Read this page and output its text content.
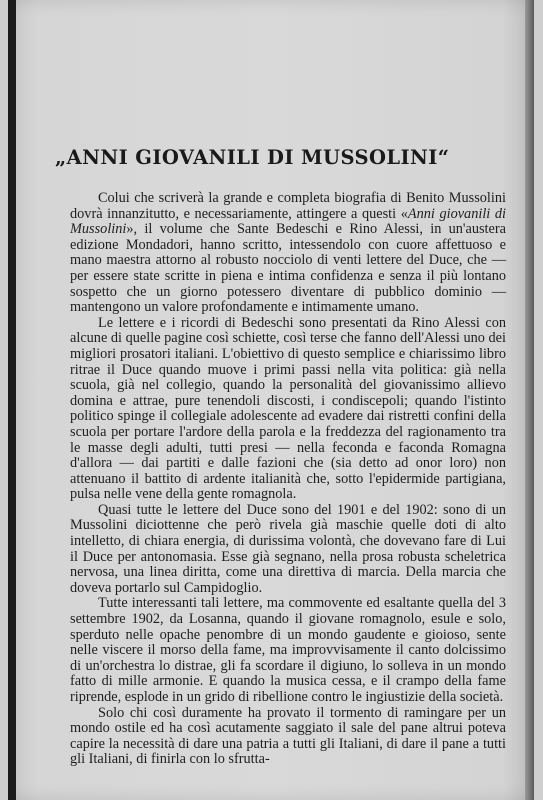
„ANNI GIOVANILI DI MUSSOLINI“

Colui che scriverà la grande e completa biografia di Benito Mussolini dovrà innanzitutto, e necessariamente, attingere a questi «Anni giovanili di Mussolini», il volume che Sante Bedeschi e Rino Alessi, in un'austera edizione Mondadori, hanno scritto, intessendolo con cuore affettuoso e mano maestra attorno al robusto nocciolo di venti lettere del Duce, che — per essere state scritte in piena e intima confidenza e senza il più lontano sospetto che un giorno potessero diventare di pubblico dominio — mantengono un valore profondamente e intimamente umano.

Le lettere e i ricordi di Bedeschi sono presentati da Rino Alessi con alcune di quelle pagine così schiette, così terse che fanno dell'Alessi uno dei migliori prosatori italiani. L'obiettivo di questo semplice e chiarissimo libro ritrae il Duce quando muove i primi passi nella vita politica: già nella scuola, già nel collegio, quando la personalità del giovanissimo allievo domina e attrae, pure tenendoli discosti, i condiscepoli; quando l'istinto politico spinge il collegiale adolescente ad evadere dai ristretti confini della scuola per portare l'ardore della parola e la freddezza del ragionamento tra le masse degli adulti, tutti presi — nella feconda e faconda Romagna d'allora — dai partiti e dalle fazioni che (sia detto ad onor loro) non attenuano il battito di ardente italianità che, sotto l'epidermide partigiana, pulsa nelle vene della gente romagnola.

Quasi tutte le lettere del Duce sono del 1901 e del 1902: sono di un Mussolini diciottenne che però rivela già maschie quelle doti di alto intelletto, di chiara energia, di durissima volontà, che dovevano fare di Lui il Duce per antonomasia. Esse già segnano, nella prosa robusta scheletrica nervosa, una linea diritta, come una direttiva di marcia. Della marcia che doveva portarlo sul Campidoglio.

Tutte interessanti tali lettere, ma commovente ed esaltante quella del 3 settembre 1902, da Losanna, quando il giovane romagnolo, esule e solo, sperduto nelle opache penombre di un mondo gaudente e gioioso, sente nelle viscere il morso della fame, ma improvvisamente il canto dolcissimo di un'orchestra lo distrae, gli fa scordare il digiuno, lo solleva in un mondo fatto di mille armonie. E quando la musica cessa, e il crampo della fame riprende, esplode in un grido di ribellione contro le ingiustizie della società.

Solo chi così duramente ha provato il tormento di ramingare per un mondo ostile ed ha così acutamente saggiato il sale del pane altrui poteva capire la necessità di dare una patria a tutti gli Italiani, di dare il pane a tutti gli Italiani, di finirla con lo sfrutta-
